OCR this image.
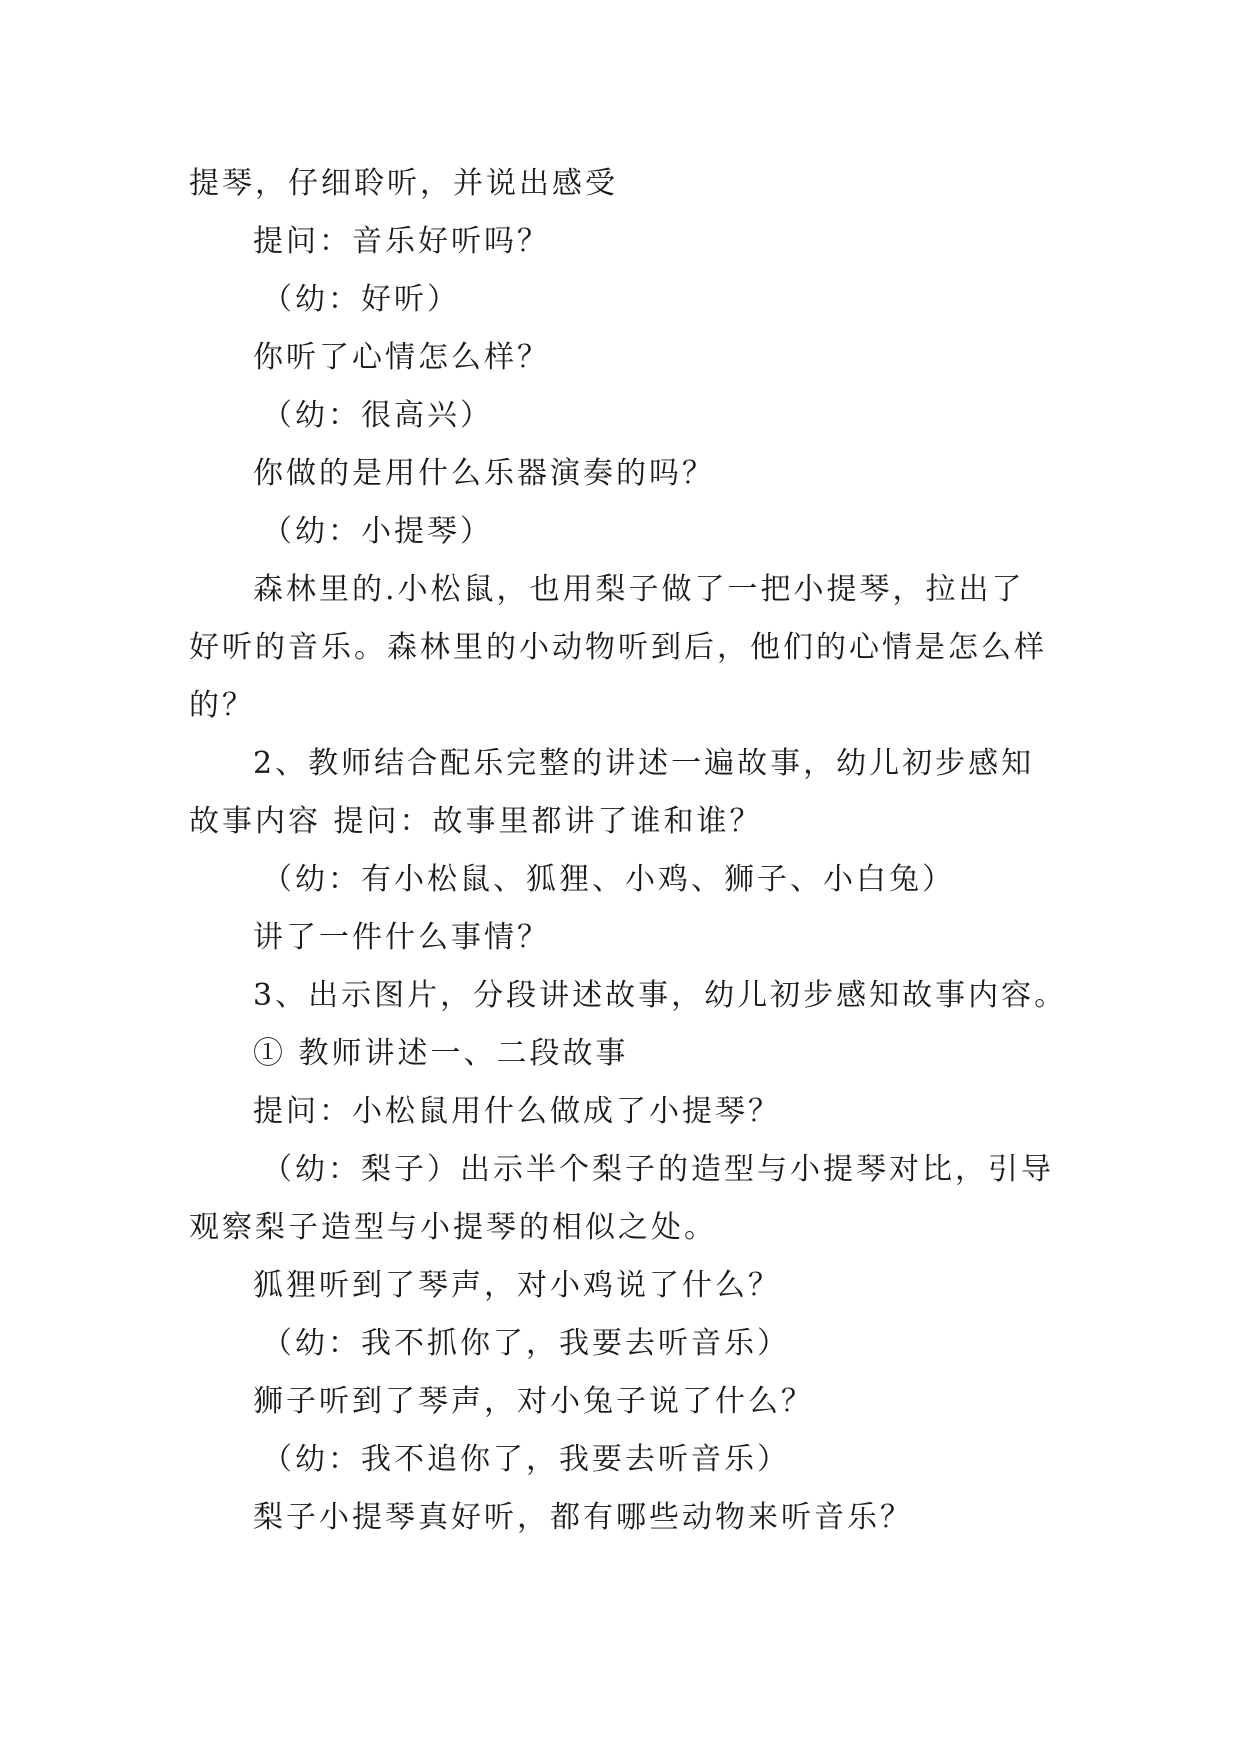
提琴，仔细聆听，并说出感受
提问：音乐好听吗？
（幼：好听）
你听了心情怎么样？
（幼：很高兴）
你做的是用什么乐器演奏的吗？
（幼：小提琴）
森林里的.小松鼠，也用梨子做了一把小提琴，拉出了
好听的音乐。森林里的小动物听到后，他们的心情是怎么样
的？
2、教师结合配乐完整的讲述一遍故事，幼儿初步感知
故事内容 提问：故事里都讲了谁和谁？
（幼：有小松鼠、狐狸、小鸡、狮子、小白兔）
讲了一件什么事情？
3、出示图片，分段讲述故事，幼儿初步感知故事内容。
① 教师讲述一、二段故事
提问：小松鼠用什么做成了小提琴？
（幼：梨子）出示半个梨子的造型与小提琴对比，引导
观察梨子造型与小提琴的相似之处。
狐狸听到了琴声，对小鸡说了什么？
（幼：我不抓你了，我要去听音乐）
狮子听到了琴声，对小兔子说了什么？
（幼：我不追你了，我要去听音乐）
梨子小提琴真好听，都有哪些动物来听音乐？
